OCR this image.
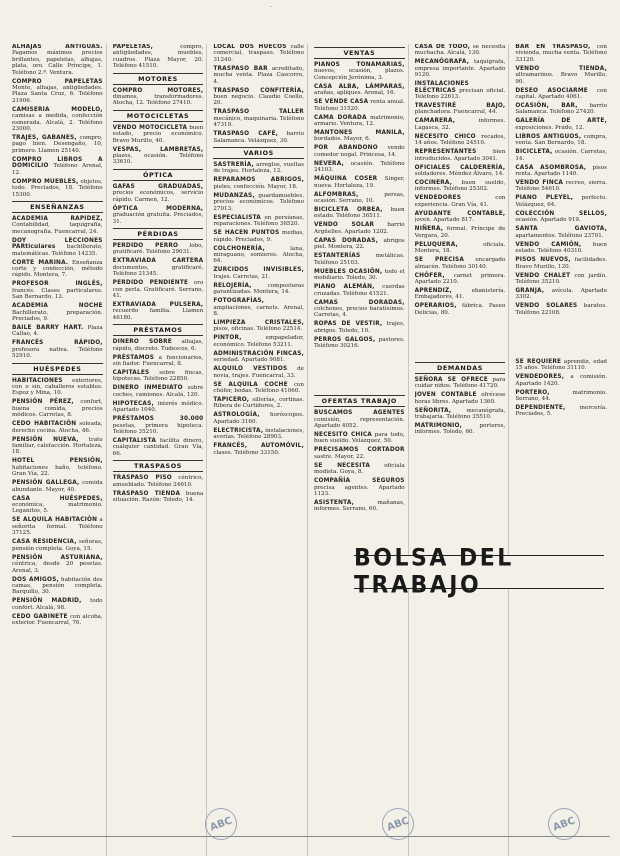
·

ALHAJAS ANTIGUAS. Pagamos máximos precios brillantes, papeletas, alhajas, plata, oro. Calle Principe, 1. Teléfono 2.ª. Ventura.

COMPRO PAPELETAS Monte, alhajas, antigüedades. Plaza Santa Cruz, 6. Teléfono 21906.

CAMISERIA MODELO, camisas a medida, confección esmerada. Alcalá, 2. Teléfono 23000.

TRAJES, GABANES, compro, pago bien. Desengaño, 10, primero. Llamen 25140.

COMPRO LIBROS A DOMICILIO Teléfono Arenal, 12.

COMPRO MUEBLES, objetos, todo. Preciados, 18. Teléfono 15300.

ENSEÑANZAS

ACADEMIA RAPIDEZ, Contabilidad, taquigrafía, mecanografía. Fuencarral, 24.

DOY LECCIONES PARticulares bachillerato, matemáticas. Teléfono 14235.

CORTE MARINA. Enseñanza corte y confección, método rápido. Montera, 7.

PROFESOR INGLÉS, francés. Clases particulares. San Bernardo, 12.

ACADEMIA NOCHE Bachillerato, preparación. Preciados, 9.

BAILE BARRY HART. Plaza Callao, 4.

FRANCÉS RÁPIDO, profesora nativa. Teléfono 52910.

HUÉSPEDES

HABITACIONES exteriores, con o sin, caballeros estables. Espoz y Mina, 10.

PENSIÓN PÉREZ, confort, buena comida, precios módicos. Carretas, 8.

CEDO HABITACIÓN soleada, derecho cocina. Atocha, 46.

PENSIÓN NUEVA, trato familiar, calefacción. Hortaleza, 18.

HOTEL PENSIÓN, habitaciones baño, teléfono. Gran Vía, 22.

PENSIÓN GALLEGA, comida abundante. Mayor, 40.

CASA HUÉSPEDES, económica, matrimonio. Leganitos, 5.

SE ALQUILA HABITACIÓN a señorita formal. Teléfono 37125.

CASA RESIDENCIA, señoras, pensión completa. Goya, 15.

PENSIÓN ASTURIANA, céntrica, desde 20 pesetas. Arenal, 3.

DOS AMIGOS, habitación dos camas, pensión completa. Barquillo, 30.

PENSIÓN MADRID, todo confort. Alcalá, 98.

CEDO GABINETE con alcoba, exterior. Fuencarral, 76.

PAPELETAS,	compro, antigüedades, muebles, cuadros. Plaza Mayor, 20. Teléfono 41510.

MOTORES

COMPRO MOTORES, dinamos, transformadores. Atocha, 12. Teléfono 27410.

MOTOCICLETAS

VENDO MOTOCICLETA buen estado, precio económico. Bravo Murillo, 40.

VESPAS, LAMBRETAS, plazos, ocasión. Teléfono 33610.

ÓPTICA

GAFAS GRADUADAS, precios económicos, servicio rápido. Carmen, 12.

ÓPTICA MODERNA, graduación gratuita. Preciados, 31.

PÉRDIDAS

PERDIDO PERRO lobo, gratificaré. Teléfono 29031.

EXTRAVIADA CARTERA documentos, gratificaré. Teléfono 21345.

PERDIDO PENDIENTE oro con perla. Gratificaré. Serrano, 41.

EXTRAVIADA PULSERA, recuerdo familia. Llamen 46180.

PRÉSTAMOS

DINERO SOBRE alhajas, rápido, discreto. Tudescos, 6.

PRÉSTAMOS a funcionarios, sin fiador. Fuencarral, 8.

CAPITALES sobre fincas, hipotecas. Teléfono 22850.

DINERO INMEDIATO sobre coches, camiones. Alcalá, 120.

HIPOTECAS, interés módico. Apartado 1040.

PRÉSTAMOS 30.000 pesetas, primera hipoteca. Teléfono 35210.

CAPITALISTA facilita dinero, cualquier cantidad. Gran Vía, 66.

TRASPASOS

TRASPASO PISO céntrico, amueblado. Teléfono 24610.

TRASPASO TIENDA buena situación. Razón: Toledo, 14.

LOCAL DOS HUECOS calle comercial, traspaso. Teléfono 31240.

TRASPASO BAR acreditado, mucha venta. Plaza Cascorro, 4.

TRASPASO CONFITERÍA, buen negocio. Claudio Coello, 20.

TRASPASO TALLER mecánico, maquinaria. Teléfono 47319.

TRASPASO CAFÉ, barrio Salamanca. Velázquez, 30.

VARIOS

SASTRERÍA, arreglos, vueltas de trajes. Hortaleza, 12.

REPARAMOS ABRIGOS, pieles, confección. Mayor, 18.

MUDANZAS, guardamuebles, precios económicos. Teléfono 27013.

ESPECIALISTA en persianas, reparaciones. Teléfono 36520.

SE HACEN PUNTOS medias, rápido. Preciados, 9.

COLCHONERÍA,	lana, miraguano, somieres. Atocha, 64.

ZURCIDOS INVISIBLES, trajes. Carretas, 21.

RELOJERÍA,	composturas garantizadas. Montera, 14.

FOTOGRAFÍAS, ampliaciones, carnets. Arenal, 8.

LIMPIEZA CRISTALES, pisos, oficinas. Teléfono 22514.

PINTOR,	empapelador, económico. Teléfono 53211.

ADMINISTRACIÓN FINCAS, seriedad. Apartado 9081.

ALQUILO VESTIDOS de novia, trajes. Fuencarral, 33.

SE ALQUILA COCHE con chófer, bodas. Teléfono 41060.

TAPICERO, sillerías, cortinas. Ribera de Curtidores, 2.

ASTROLOGÍA, horóscopos. Apartado 3160.

ELECTRICISTA, instalaciones, averías. Teléfono 28903.

FRANCÉS, AUTOMÓVIL, clases. Teléfono 33150.

VENTAS

PIANOS TONAMARIAS, nuevos, ocasión, plazos. Concepción Jerónima, 3.

CASA ALBA, LÁMPARAS, arañas, apliques. Arenal, 16.

SE VENDE CASA renta anual. Teléfono 31520.

CAMA DORADA matrimonio, armario. Ventura, 12.

MANTONES MANILA, bordados. Mayor, 6.

POR ABANDONO vendo comedor nogal. Princesa, 14.

NEVERA, ocasión. Teléfono 24103.

MÁQUINA COSER Singer, nueva. Hortaleza, 19.

ALFOMBRAS,	persas, ocasión. Serrano, 10.

BICICLETA ORBEA, buen estado. Teléfono 36511.

VENDO SOLAR barrio Argüelles. Apartado 1202.

CAPAS DORADAS, abrigos piel. Montera, 22.

ESTANTERÍAS	metálicas. Teléfono 25103.

MUEBLES OCASIÓN, todo el mobiliario. Toledo, 30.

PIANO ALEMÁN, cuerdas cruzadas. Teléfono 41521.

CAMAS DORADAS, colchones, precios baratísimos. Carretas, 4.

ROPAS DE VESTIR, trajes, abrigos. Toledo, 10.

PERROS GALGOS, pastores. Teléfono 30216.

OFERTAS TRABAJO

BUSCAMOS AGENTES comisión, representación. Apartado 4052.

NECESITO CHICA para todo, buen sueldo. Velázquez, 50.

PRECISAMOS CORTADOR sastre. Mayor, 22.

SE NECESITA	oficiala modista. Goya, 8.

COMPAÑÍA SEGUROS precisa agentes. Apartado 1123.

ASISTENTA,	mañanas, informes. Serrano, 60.

CASA DE TODO, se necesita muchacha. Alcalá, 130.

MECANÓGRAFA, taquígrafa, empresa importante. Apartado 9120.

INSTALACIONES ELÉCTRICAS precisan oficial. Teléfono 22613.

TRAVESTIRÉ BAJO, planchadora. Fuencarral, 44.

CAMARERA,	informes. Lagasca, 32.

NECESITO CHICO recados, 14 años. Teléfono 24510.

REPRESENTANTES	bien introducidos. Apartado 3041.

OFICIALES CALDERERÍA, soldadores. Méndez Álvaro, 14.

COCINERA, buen sueldo, informes. Teléfono 25302.

VENDEDORES	con experiencia. Gran Vía, 41.

AYUDANTE CONTABLE, joven. Apartado 817.

NIÑERA, formal. Príncipe de Vergara, 20.

PELUQUERA,	oficiala. Montera, 18.

SE PRECISA encargado almacén. Teléfono 30140.

CHÓFER, carnet primera. Apartado 2210.

APRENDIZ,	ebanistería. Embajadores, 41.

OPERARIOS, fábrica. Paseo Delicias, 80.

DEMANDAS

SEÑORA SE OFRECE para cuidar niños. Teléfono 41720.

JOVEN CONTABLE ofrécese horas libres. Apartado 1360.

SEÑORITA,	mecanógrafa, trabajaría. Teléfono 35510.

MATRIMONIO,	porteros, informes. Toledo, 60.

BAR EN TRASPASO, con vivienda, mucha venta. Teléfono 33120.

VENDO TIENDA, ultramarinos. Bravo Murillo, 90.

DESEO ASOCIARME con capital. Apartado 4061.

OCASIÓN, BAR, barrio Salamanca. Teléfono 27420.

GALERÍA DE ARTE, exposiciones. Prado, 12.

LIBROS ANTIGUOS, compra, venta. San Bernardo, 18.

BICICLETA, ocasión. Carretas, 14.

CASA ASOMBROSA, pisos renta. Apartado 1140.

VENDO FINCA recreo, sierra. Teléfono 54610.

PIANO PLEYEL, perfecto. Velázquez, 64.

COLECCIÓN SELLOS, ocasión. Apartado 919.

SANTA GAVIOTA, apartamentos. Teléfono 23701.

VENDO CAMIÓN, buen estado. Teléfono 40310.

PISOS NUEVOS, facilidades. Bravo Murillo, 120.

VENDO CHALET con jardín. Teléfono 35210.

GRANJA, avícola. Apartado 3302.

VENDO SOLARES baratos. Teléfono 22108.

SE REQUIERE aprendiz, edad 15 años. Teléfono 31110.

VENDEDORES, a comisión. Apartado 1420.

PORTERO,	matrimonio. Serrano, 44.

DEPENDIENTE,	mercería. Preciados, 5.

BOLSA DEL TRABAJO
ABC	ABC	ABC
